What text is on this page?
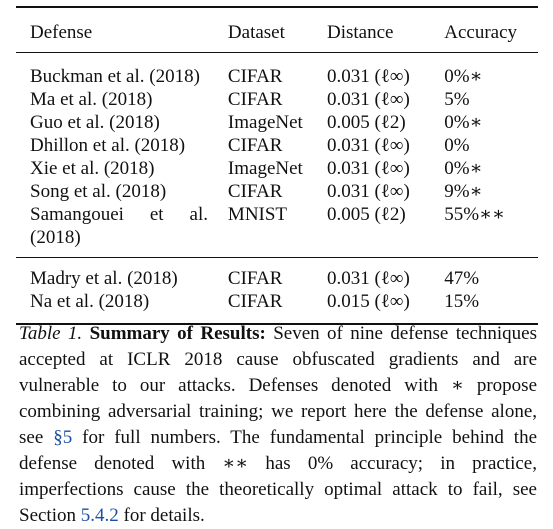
Defense	Dataset	Distance	Accuracy
Buckman et al. (2018)	CIFAR	0.031 (ℓ∞)	0%∗
Ma et al. (2018)	CIFAR	0.031 (ℓ∞)	5%
Guo et al. (2018)	ImageNet	0.005 (ℓ2)	0%∗
Dhillon et al. (2018)	CIFAR	0.031 (ℓ∞)	0%
Xie et al. (2018)	ImageNet	0.031 (ℓ∞)	0%∗
Song et al. (2018)	CIFAR	0.031 (ℓ∞)	9%∗

Samangouei et al.
(2018)	MNIST	0.005 (ℓ2)	55%∗∗
Madry et al. (2018)	CIFAR	0.031 (ℓ∞)	47%
Na et al. (2018)	CIFAR	0.015 (ℓ∞)	15%
Table 1. Summary of Results: Seven of nine defense techniques accepted at ICLR 2018 cause obfuscated gradients and are vulnerable to our attacks. Defenses denoted with ∗ propose combining adversarial training; we report here the defense alone, see §5 for full numbers. The fundamental principle behind the defense denoted with ∗∗ has 0% accuracy; in practice, imperfections cause the theoretically optimal attack to fail, see Section 5.4.2 for details.
